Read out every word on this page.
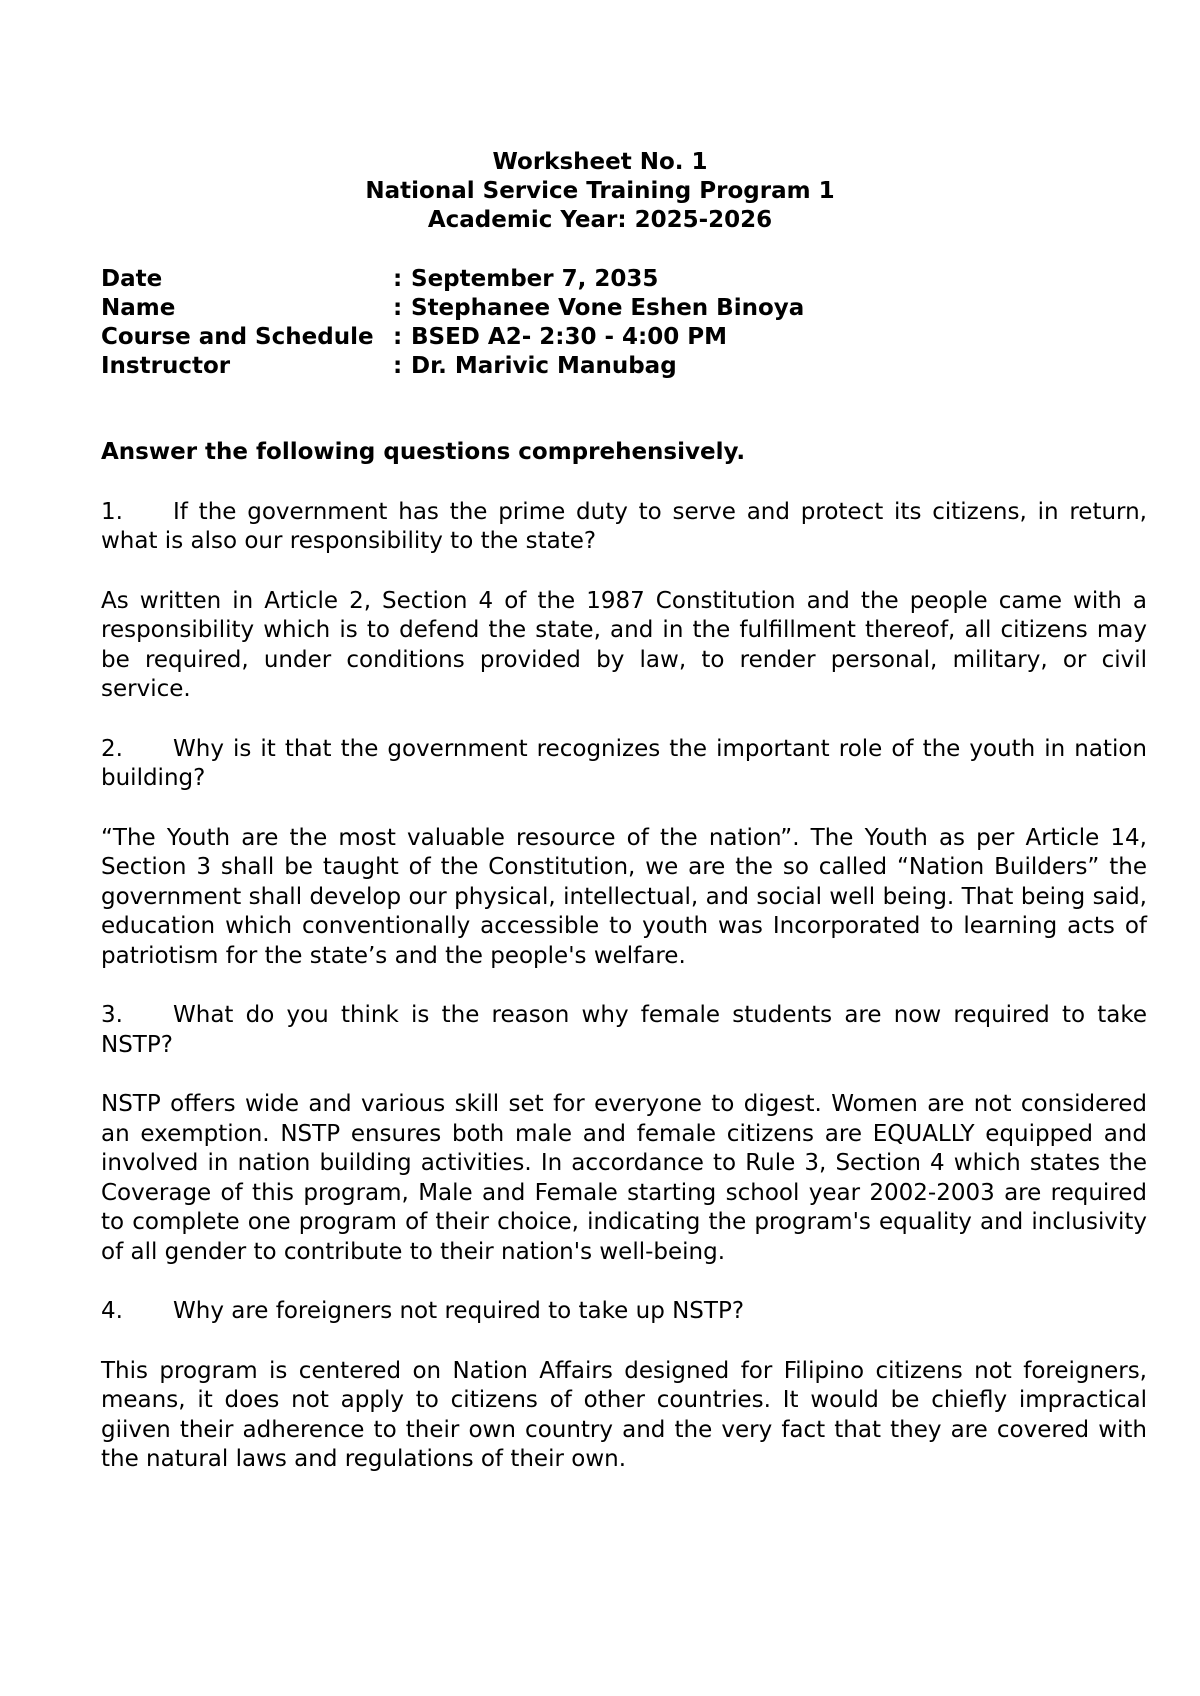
Worksheet No. 1
National Service Training Program 1
Academic Year: 2025-2026
Date	: September 7, 2035
Name	: Stephanee Vone Eshen Binoya
Course and Schedule : BSED A2- 2:30 - 4:00 PM
Instructor	: Dr. Marivic Manubag

Answer the following questions comprehensively.

1. If the government has the prime duty to serve and protect its citizens, in return, what is also our responsibility to the state?

As written in Article 2, Section 4 of the 1987 Constitution and the people came with a responsibility which is to defend the state, and in the fulfillment thereof, all citizens may be required, under conditions provided by law, to render personal, military, or civil service.

2. Why is it that the government recognizes the important role of the youth in nation building?

“The Youth are the most valuable resource of the nation”. The Youth as per Article 14, Section 3 shall be taught of the Constitution, we are the so called “Nation Builders” the government shall develop our physical, intellectual, and social well being. That being said, education which conventionally accessible to youth was Incorporated to learning acts of patriotism for the state’s and the people's welfare.

3. What do you think is the reason why female students are now required to take NSTP?

NSTP offers wide and various skill set for everyone to digest. Women are not considered an exemption. NSTP ensures both male and female citizens are EQUALLY equipped and involved in nation building activities. In accordance to Rule 3, Section 4 which states the Coverage of this program, Male and Female starting school year 2002-2003 are required to complete one program of their choice, indicating the program's equality and inclusivity of all gender to contribute to their nation's well-being.

4. Why are foreigners not required to take up NSTP?

This program is centered on Nation Affairs designed for Filipino citizens not foreigners, means, it does not apply to citizens of other countries. It would be chiefly impractical giiven their adherence to their own country and the very fact that they are covered with the natural laws and regulations of their own.
